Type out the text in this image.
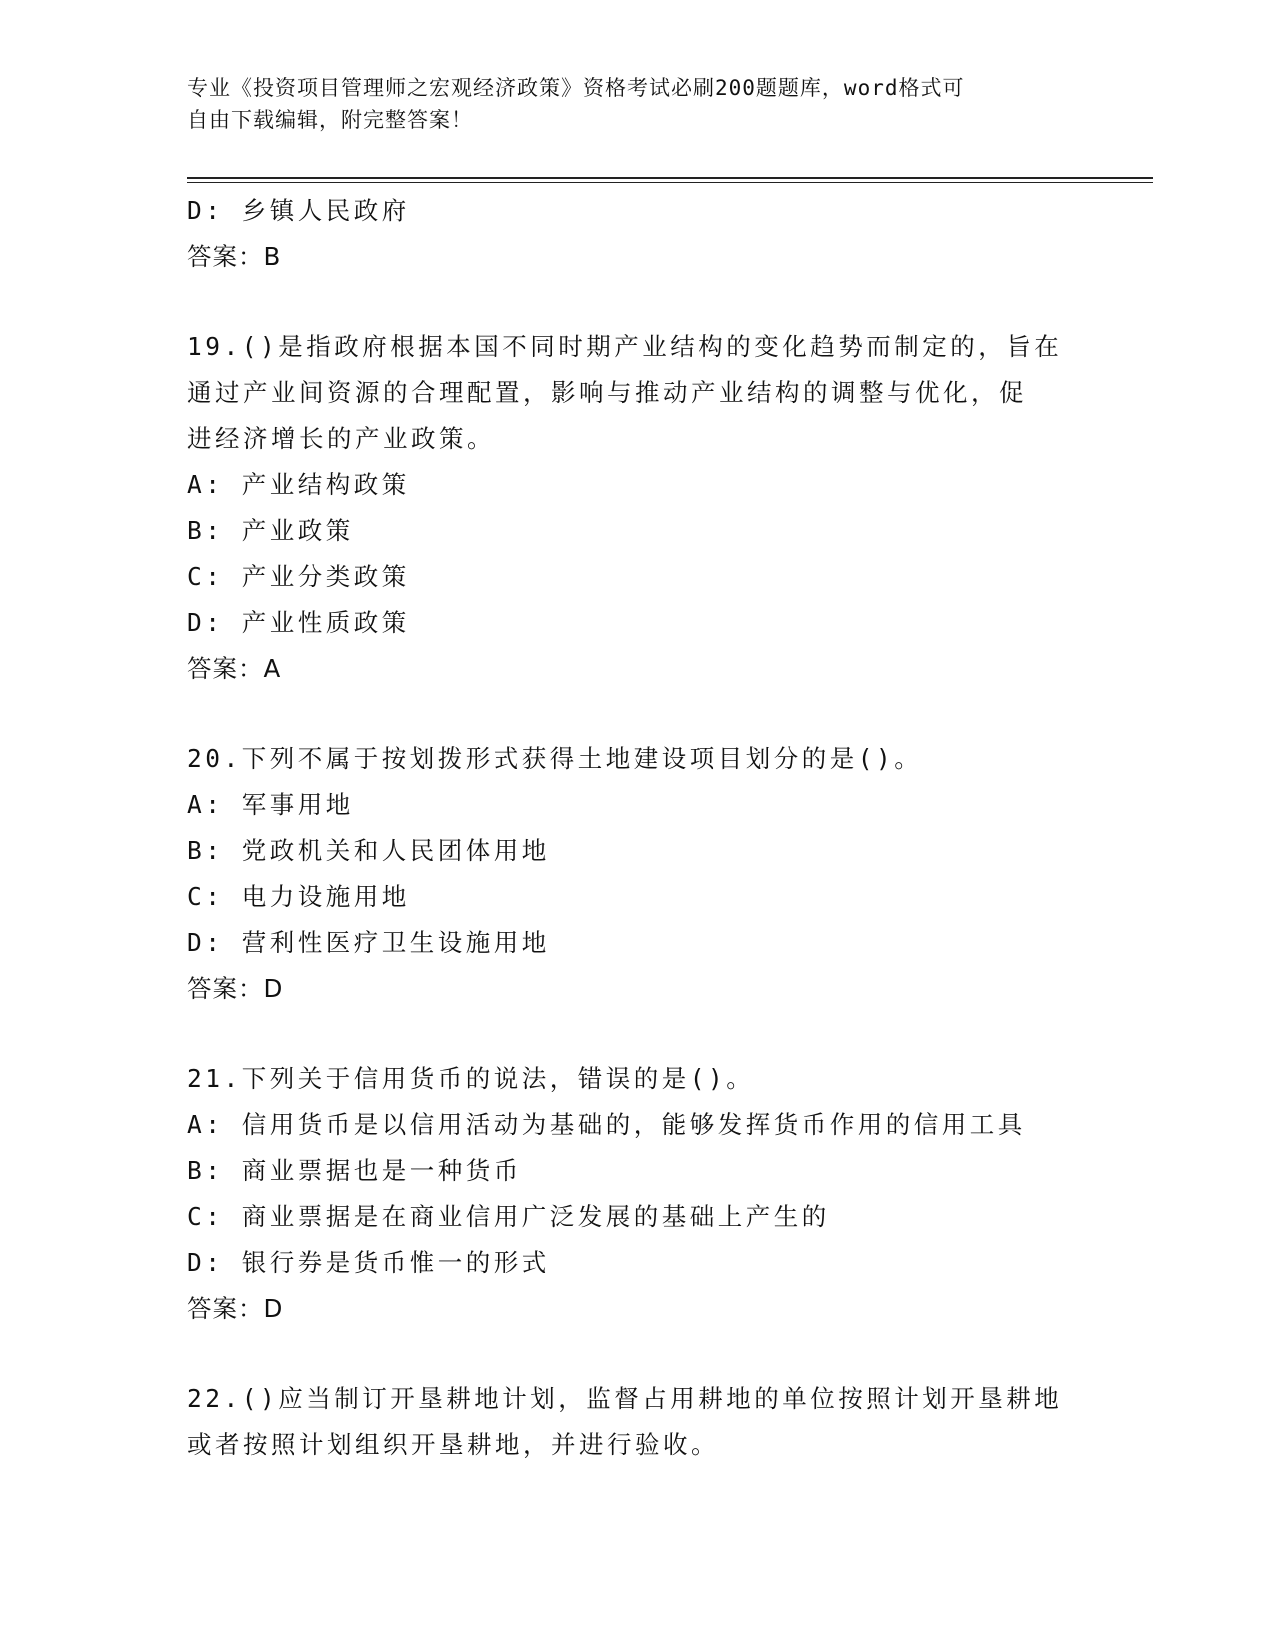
专业《投资项目管理师之宏观经济政策》资格考试必刷200题题库，word格式可
自由下载编辑，附完整答案！
D: 乡镇人民政府
答案：B
19.()是指政府根据本国不同时期产业结构的变化趋势而制定的，旨在
通过产业间资源的合理配置，影响与推动产业结构的调整与优化，促
进经济增长的产业政策。
A: 产业结构政策
B: 产业政策
C: 产业分类政策
D: 产业性质政策
答案：A
20.下列不属于按划拨形式获得土地建设项目划分的是()。
A: 军事用地
B: 党政机关和人民团体用地
C: 电力设施用地
D: 营利性医疗卫生设施用地
答案：D
21.下列关于信用货币的说法，错误的是()。
A: 信用货币是以信用活动为基础的，能够发挥货币作用的信用工具
B: 商业票据也是一种货币
C: 商业票据是在商业信用广泛发展的基础上产生的
D: 银行券是货币惟一的形式
答案：D
22.()应当制订开垦耕地计划，监督占用耕地的单位按照计划开垦耕地
或者按照计划组织开垦耕地，并进行验收。
